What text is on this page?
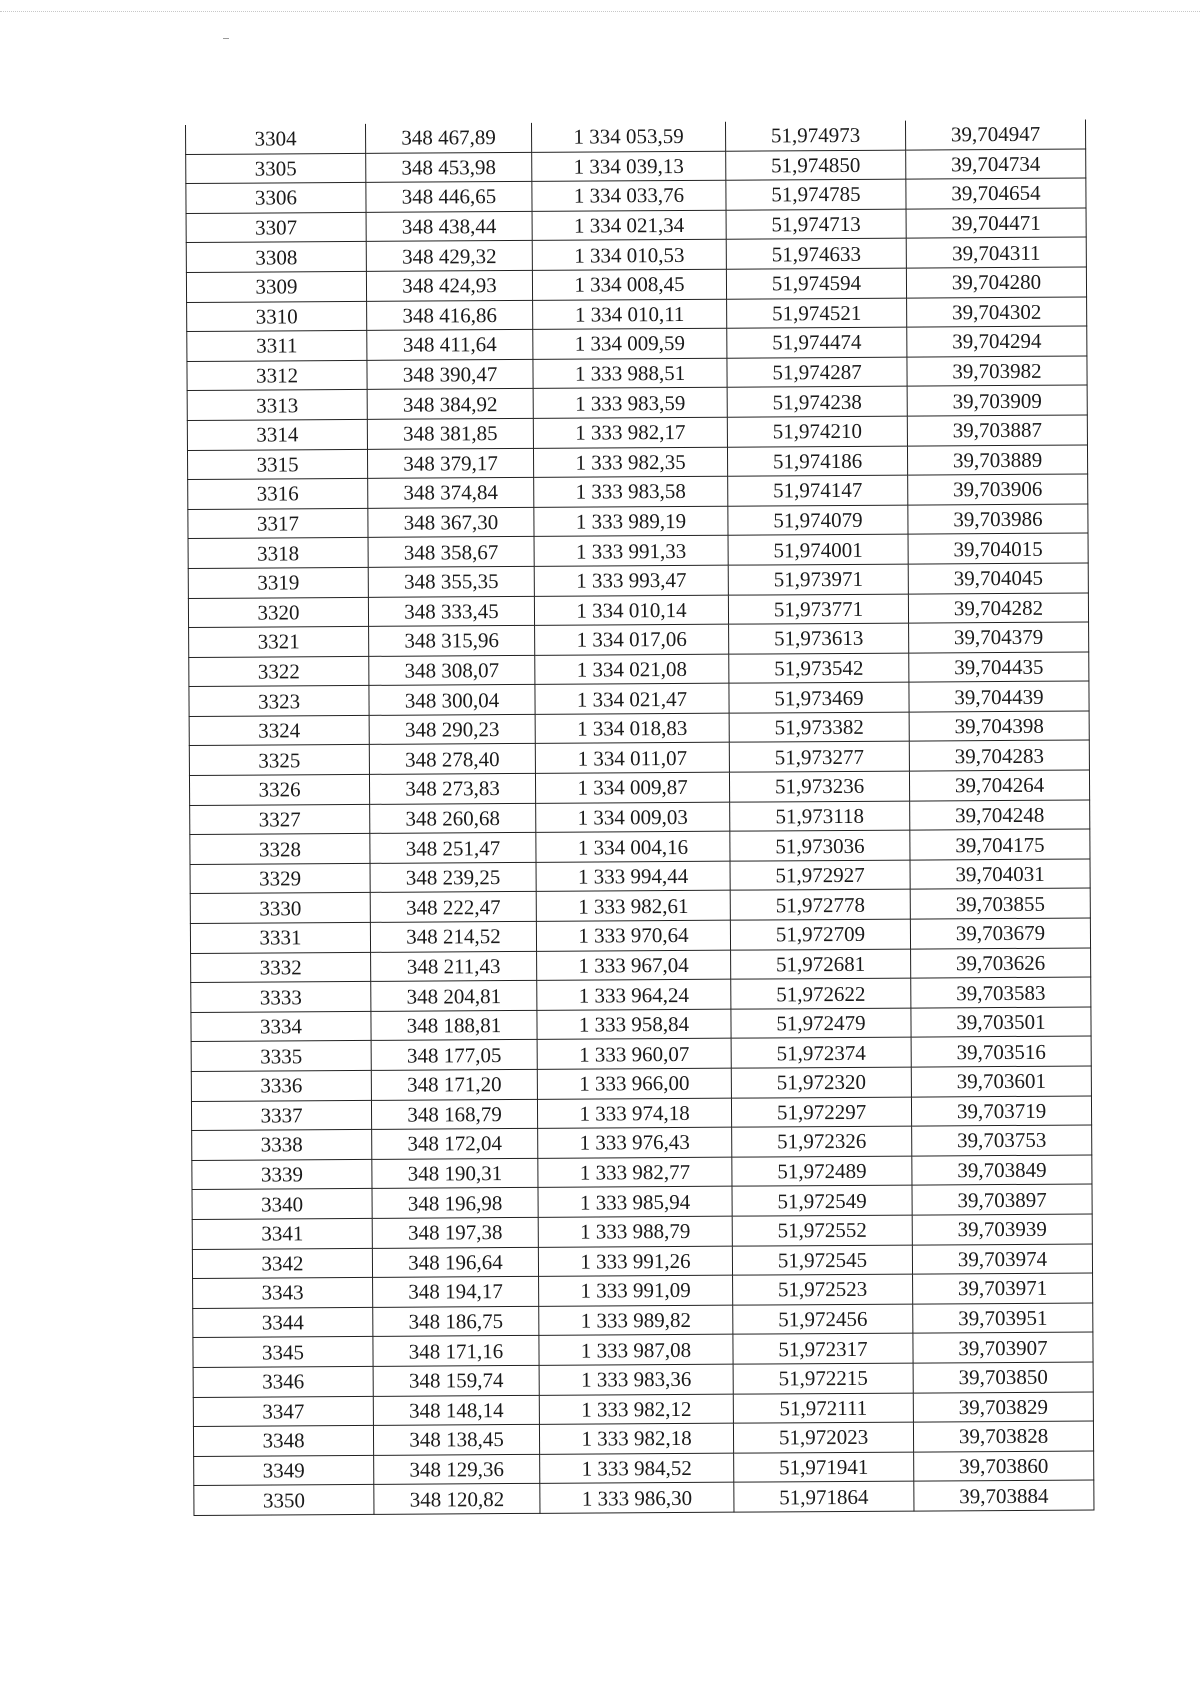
3304	348 467,89	1 334 053,59	51,974973	39,704947
3305	348 453,98	1 334 039,13	51,974850	39,704734
3306	348 446,65	1 334 033,76	51,974785	39,704654
3307	348 438,44	1 334 021,34	51,974713	39,704471
3308	348 429,32	1 334 010,53	51,974633	39,704311
3309	348 424,93	1 334 008,45	51,974594	39,704280
3310	348 416,86	1 334 010,11	51,974521	39,704302
3311	348 411,64	1 334 009,59	51,974474	39,704294
3312	348 390,47	1 333 988,51	51,974287	39,703982
3313	348 384,92	1 333 983,59	51,974238	39,703909
3314	348 381,85	1 333 982,17	51,974210	39,703887
3315	348 379,17	1 333 982,35	51,974186	39,703889
3316	348 374,84	1 333 983,58	51,974147	39,703906
3317	348 367,30	1 333 989,19	51,974079	39,703986
3318	348 358,67	1 333 991,33	51,974001	39,704015
3319	348 355,35	1 333 993,47	51,973971	39,704045
3320	348 333,45	1 334 010,14	51,973771	39,704282
3321	348 315,96	1 334 017,06	51,973613	39,704379
3322	348 308,07	1 334 021,08	51,973542	39,704435
3323	348 300,04	1 334 021,47	51,973469	39,704439
3324	348 290,23	1 334 018,83	51,973382	39,704398
3325	348 278,40	1 334 011,07	51,973277	39,704283
3326	348 273,83	1 334 009,87	51,973236	39,704264
3327	348 260,68	1 334 009,03	51,973118	39,704248
3328	348 251,47	1 334 004,16	51,973036	39,704175
3329	348 239,25	1 333 994,44	51,972927	39,704031
3330	348 222,47	1 333 982,61	51,972778	39,703855
3331	348 214,52	1 333 970,64	51,972709	39,703679
3332	348 211,43	1 333 967,04	51,972681	39,703626
3333	348 204,81	1 333 964,24	51,972622	39,703583
3334	348 188,81	1 333 958,84	51,972479	39,703501
3335	348 177,05	1 333 960,07	51,972374	39,703516
3336	348 171,20	1 333 966,00	51,972320	39,703601
3337	348 168,79	1 333 974,18	51,972297	39,703719
3338	348 172,04	1 333 976,43	51,972326	39,703753
3339	348 190,31	1 333 982,77	51,972489	39,703849
3340	348 196,98	1 333 985,94	51,972549	39,703897
3341	348 197,38	1 333 988,79	51,972552	39,703939
3342	348 196,64	1 333 991,26	51,972545	39,703974
3343	348 194,17	1 333 991,09	51,972523	39,703971
3344	348 186,75	1 333 989,82	51,972456	39,703951
3345	348 171,16	1 333 987,08	51,972317	39,703907
3346	348 159,74	1 333 983,36	51,972215	39,703850
3347	348 148,14	1 333 982,12	51,972111	39,703829
3348	348 138,45	1 333 982,18	51,972023	39,703828
3349	348 129,36	1 333 984,52	51,971941	39,703860
3350	348 120,82	1 333 986,30	51,971864	39,703884
